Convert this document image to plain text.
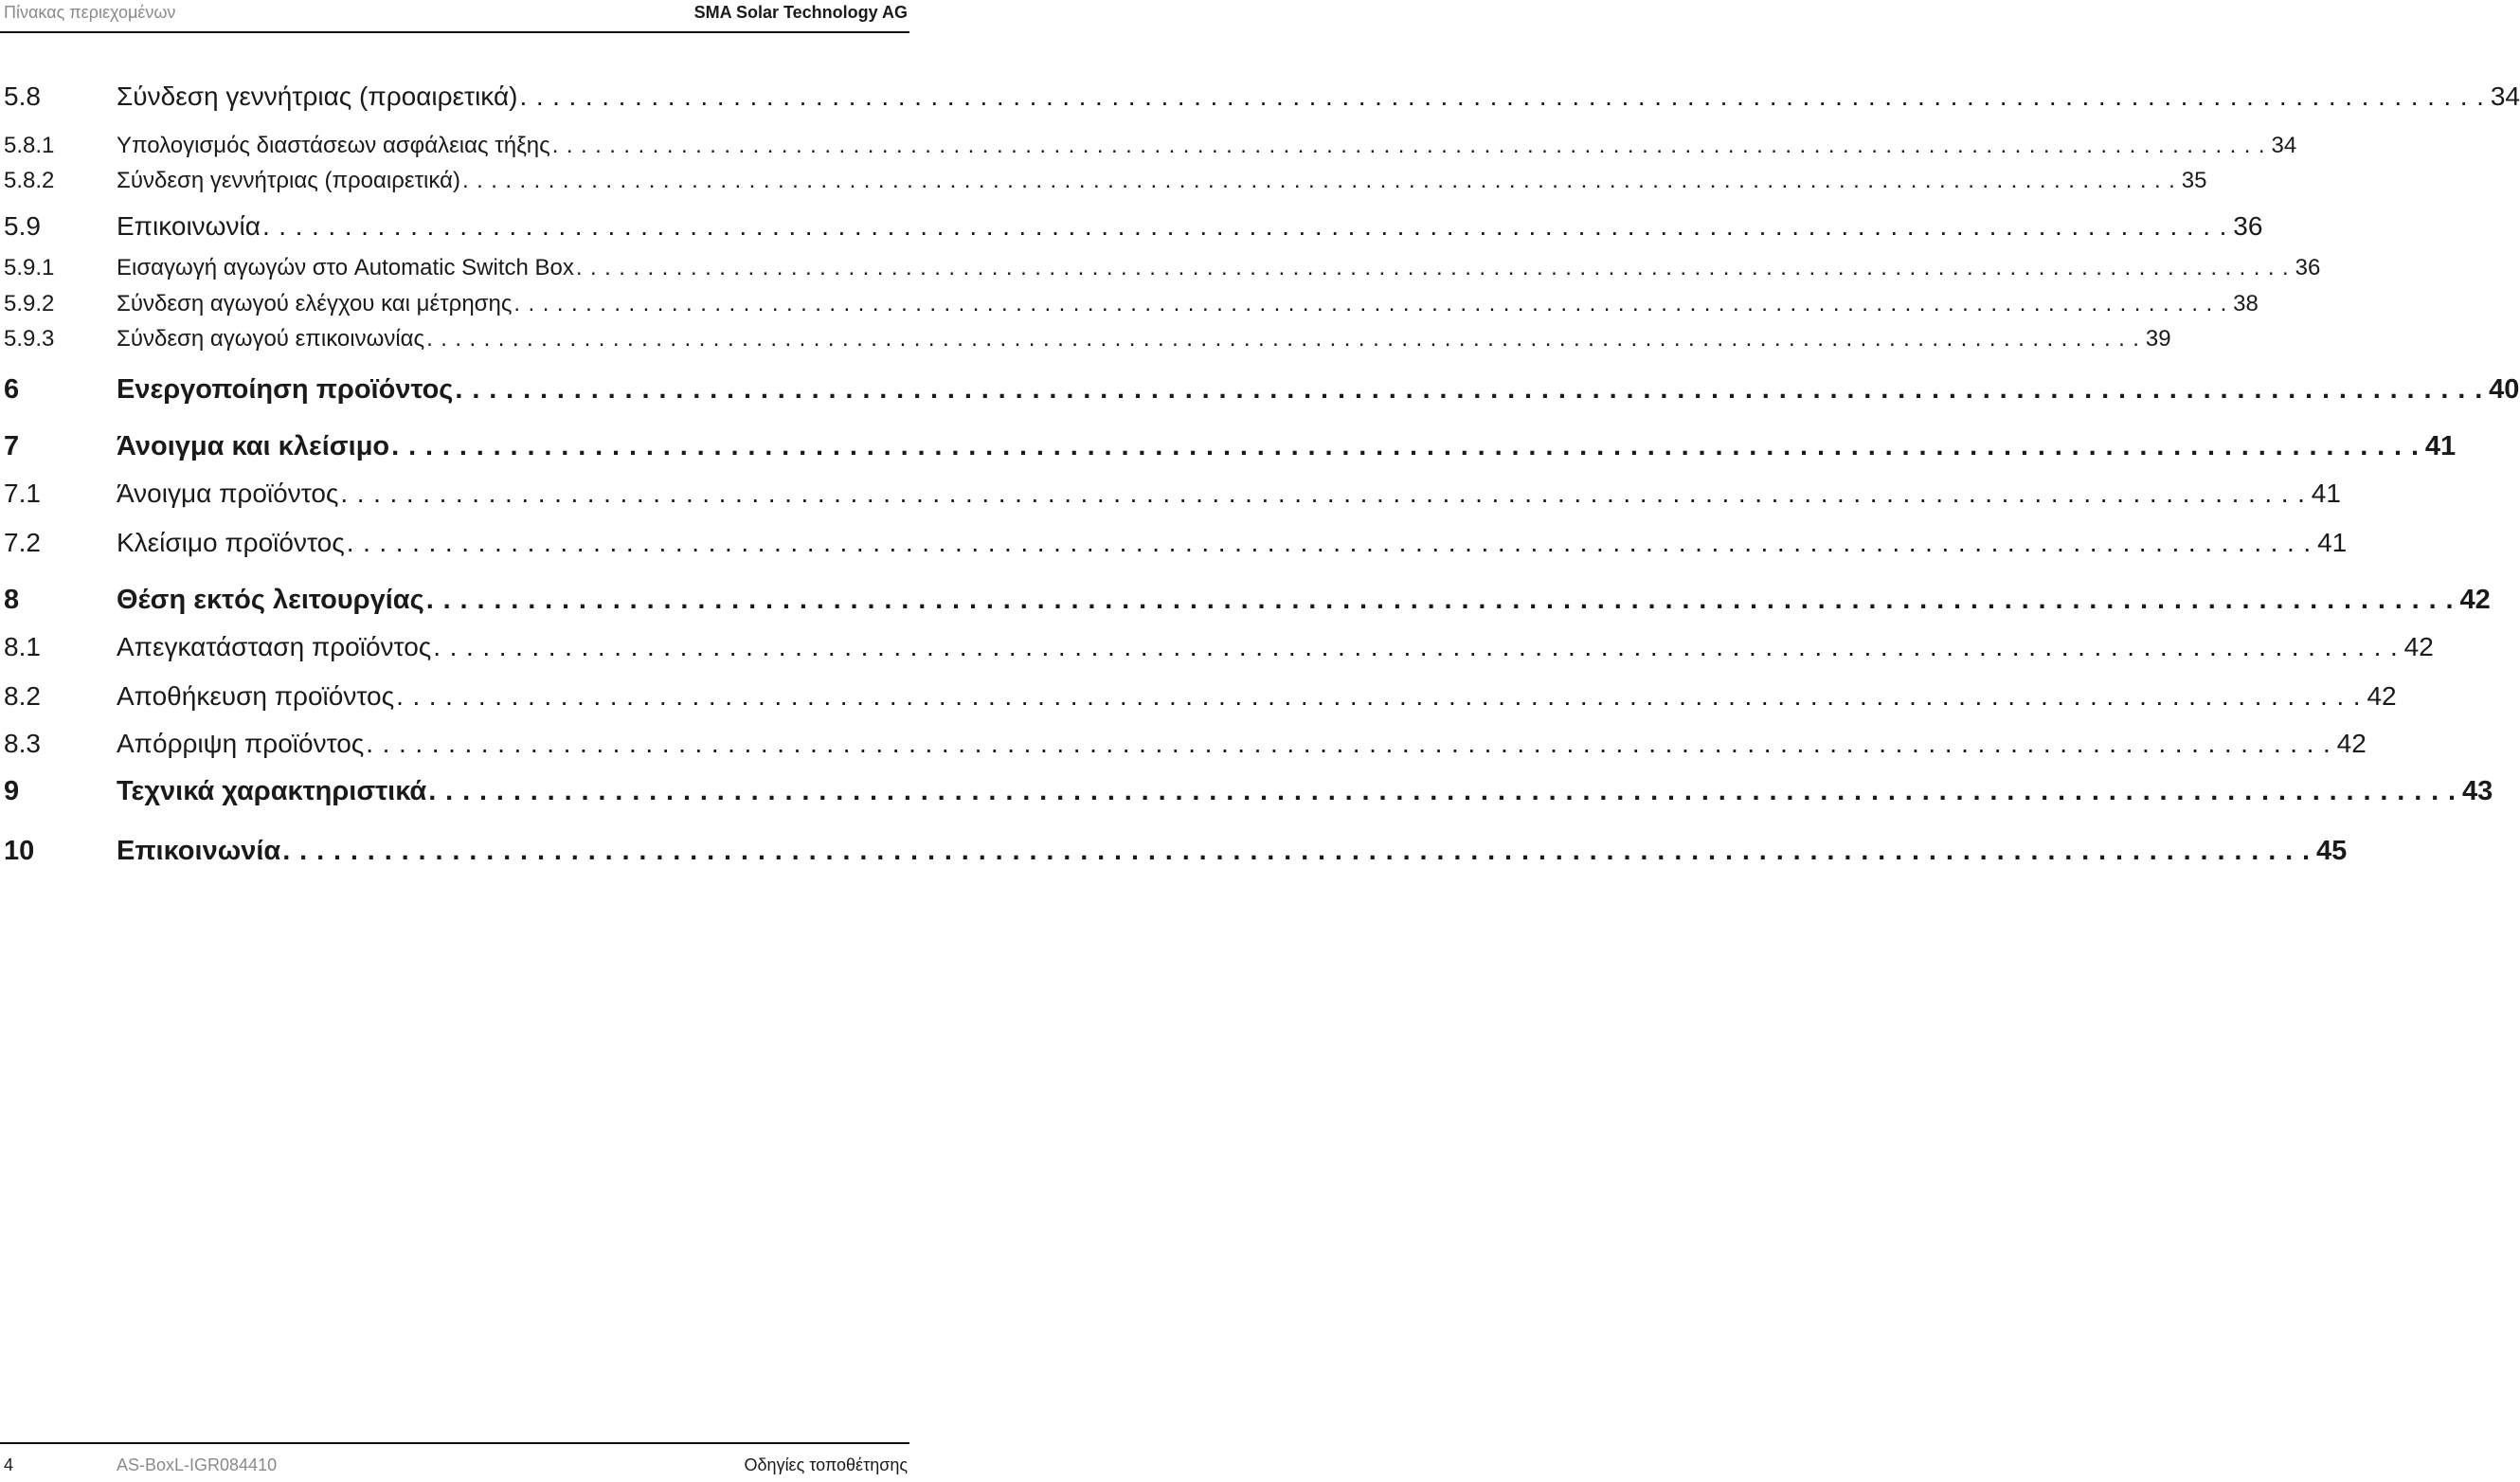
Πίνακας περιεχομένων	SMA Solar Technology AG
5.8	Σύνδεση γεννήτριας (προαιρετικά) . . . . . . . . . . . . . . . . . . . . . . . . . . . . . . . . . . . . . . . . . . . . . . . . . . . . . . . . . . . . . . . . . . . . . . . . . . . . . . . . . . . . . . . . . . . . . . . . . . . . . . . . . . . . . . . . . . . . . . . . 34
5.8.1	Υπολογισμός διαστάσεων ασφάλειας τήξης . . . . . . . . . . . . . . . . . . . . . . . . . . . . . . . . . . . . . . . . . . . . . . . . . . . . . . . . . . . . . . . . . . . . . . . . . . . . . . . . . . . . . . . . . . . . . . . . . . . . . . . . . . . . . . . . . . . . . . . . 34
5.8.2	Σύνδεση γεννήτριας (προαιρετικά) . . . . . . . . . . . . . . . . . . . . . . . . . . . . . . . . . . . . . . . . . . . . . . . . . . . . . . . . . . . . . . . . . . . . . . . . . . . . . . . . . . . . . . . . . . . . . . . . . . . . . . . . . . . . . . . . . . . . . . . . 35
5.9	Επικοινωνία . . . . . . . . . . . . . . . . . . . . . . . . . . . . . . . . . . . . . . . . . . . . . . . . . . . . . . . . . . . . . . . . . . . . . . . . . . . . . . . . . . . . . . . . . . . . . . . . . . . . . . . . . . . . . . . . . . . . . . . . 36
5.9.1	Εισαγωγή αγωγών στο Automatic Switch Box . . . . . . . . . . . . . . . . . . . . . . . . . . . . . . . . . . . . . . . . . . . . . . . . . . . . . . . . . . . . . . . . . . . . . . . . . . . . . . . . . . . . . . . . . . . . . . . . . . . . . . . . . . . . . . . . . . . . . . . . 36
5.9.2	Σύνδεση αγωγού ελέγχου και μέτρησης . . . . . . . . . . . . . . . . . . . . . . . . . . . . . . . . . . . . . . . . . . . . . . . . . . . . . . . . . . . . . . . . . . . . . . . . . . . . . . . . . . . . . . . . . . . . . . . . . . . . . . . . . . . . . . . . . . . . . . . . 38
5.9.3	Σύνδεση αγωγού επικοινωνίας . . . . . . . . . . . . . . . . . . . . . . . . . . . . . . . . . . . . . . . . . . . . . . . . . . . . . . . . . . . . . . . . . . . . . . . . . . . . . . . . . . . . . . . . . . . . . . . . . . . . . . . . . . . . . . . . . . . . . . . . 39
6	Ενεργοποίηση προϊόντος . . . . . . . . . . . . . . . . . . . . . . . . . . . . . . . . . . . . . . . . . . . . . . . . . . . . . . . . . . . . . . . . . . . . . . . . . . . . . . . . . . . . . . . . . . . . . . . . . . . . . . . . . . . . . . . . . . . . . . . . 40
7	Άνοιγμα και κλείσιμο . . . . . . . . . . . . . . . . . . . . . . . . . . . . . . . . . . . . . . . . . . . . . . . . . . . . . . . . . . . . . . . . . . . . . . . . . . . . . . . . . . . . . . . . . . . . . . . . . . . . . . . . . . . . . . . . . . . . . . . . 41
7.1	Άνοιγμα προϊόντος . . . . . . . . . . . . . . . . . . . . . . . . . . . . . . . . . . . . . . . . . . . . . . . . . . . . . . . . . . . . . . . . . . . . . . . . . . . . . . . . . . . . . . . . . . . . . . . . . . . . . . . . . . . . . . . . . . . . . . . . 41
7.2	Κλείσιμο προϊόντος . . . . . . . . . . . . . . . . . . . . . . . . . . . . . . . . . . . . . . . . . . . . . . . . . . . . . . . . . . . . . . . . . . . . . . . . . . . . . . . . . . . . . . . . . . . . . . . . . . . . . . . . . . . . . . . . . . . . . . . . 41
8	Θέση εκτός λειτουργίας . . . . . . . . . . . . . . . . . . . . . . . . . . . . . . . . . . . . . . . . . . . . . . . . . . . . . . . . . . . . . . . . . . . . . . . . . . . . . . . . . . . . . . . . . . . . . . . . . . . . . . . . . . . . . . . . . . . . . . . . 42
8.1	Απεγκατάσταση προϊόντος . . . . . . . . . . . . . . . . . . . . . . . . . . . . . . . . . . . . . . . . . . . . . . . . . . . . . . . . . . . . . . . . . . . . . . . . . . . . . . . . . . . . . . . . . . . . . . . . . . . . . . . . . . . . . . . . . . . . . . . . 42
8.2	Αποθήκευση προϊόντος . . . . . . . . . . . . . . . . . . . . . . . . . . . . . . . . . . . . . . . . . . . . . . . . . . . . . . . . . . . . . . . . . . . . . . . . . . . . . . . . . . . . . . . . . . . . . . . . . . . . . . . . . . . . . . . . . . . . . . . . 42
8.3	Απόρριψη προϊόντος . . . . . . . . . . . . . . . . . . . . . . . . . . . . . . . . . . . . . . . . . . . . . . . . . . . . . . . . . . . . . . . . . . . . . . . . . . . . . . . . . . . . . . . . . . . . . . . . . . . . . . . . . . . . . . . . . . . . . . . . 42
9	Τεχνικά χαρακτηριστικά . . . . . . . . . . . . . . . . . . . . . . . . . . . . . . . . . . . . . . . . . . . . . . . . . . . . . . . . . . . . . . . . . . . . . . . . . . . . . . . . . . . . . . . . . . . . . . . . . . . . . . . . . . . . . . . . . . . . . . . . 43
10	Επικοινωνία . . . . . . . . . . . . . . . . . . . . . . . . . . . . . . . . . . . . . . . . . . . . . . . . . . . . . . . . . . . . . . . . . . . . . . . . . . . . . . . . . . . . . . . . . . . . . . . . . . . . . . . . . . . . . . . . . . . . . . . . 45
4	AS-BoxL-IGR084410	Οδηγίες τοποθέτησης
